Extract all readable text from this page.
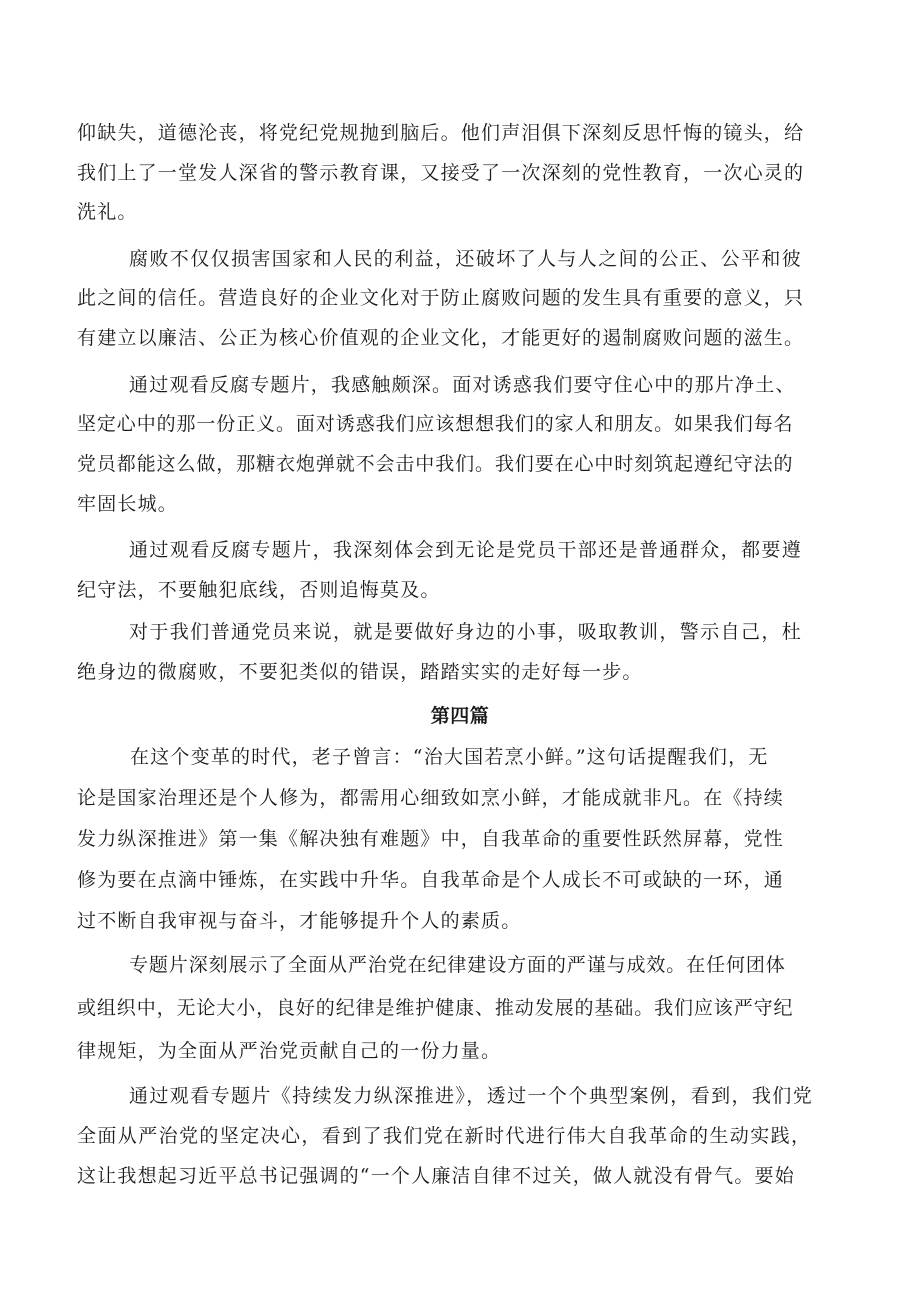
仰缺失，道德沦丧，将党纪党规抛到脑后。他们声泪俱下深刻反思忏悔的镜头，给
我们上了一堂发人深省的警示教育课，又接受了一次深刻的党性教育，一次心灵的
洗礼。
腐败不仅仅损害国家和人民的利益，还破坏了人与人之间的公正、公平和彼
此之间的信任。营造良好的企业文化对于防止腐败问题的发生具有重要的意义，只
有建立以廉洁、公正为核心价值观的企业文化，才能更好的遏制腐败问题的滋生。
通过观看反腐专题片，我感触颇深。面对诱惑我们要守住心中的那片净土、
坚定心中的那一份正义。面对诱惑我们应该想想我们的家人和朋友。如果我们每名
党员都能这么做，那糖衣炮弹就不会击中我们。我们要在心中时刻筑起遵纪守法的
牢固长城。
通过观看反腐专题片，我深刻体会到无论是党员干部还是普通群众，都要遵
纪守法，不要触犯底线，否则追悔莫及。
对于我们普通党员来说，就是要做好身边的小事，吸取教训，警示自己，杜
绝身边的微腐败，不要犯类似的错误，踏踏实实的走好每一步。
第四篇
在这个变革的时代，老子曾言：“治大国若烹小鲜。”这句话提醒我们，无
论是国家治理还是个人修为，都需用心细致如烹小鲜，才能成就非凡。在《持续
发力纵深推进》第一集《解决独有难题》中，自我革命的重要性跃然屏幕，党性
修为要在点滴中锤炼，在实践中升华。自我革命是个人成长不可或缺的一环，通
过不断自我审视与奋斗，才能够提升个人的素质。
专题片深刻展示了全面从严治党在纪律建设方面的严谨与成效。在任何团体
或组织中，无论大小，良好的纪律是维护健康、推动发展的基础。我们应该严守纪
律规矩，为全面从严治党贡献自己的一份力量。
通过观看专题片《持续发力纵深推进》，透过一个个典型案例，看到，我们党
全面从严治党的坚定决心，看到了我们党在新时代进行伟大自我革命的生动实践，
这让我想起习近平总书记强调的“一个人廉洁自律不过关，做人就没有骨气。要始
